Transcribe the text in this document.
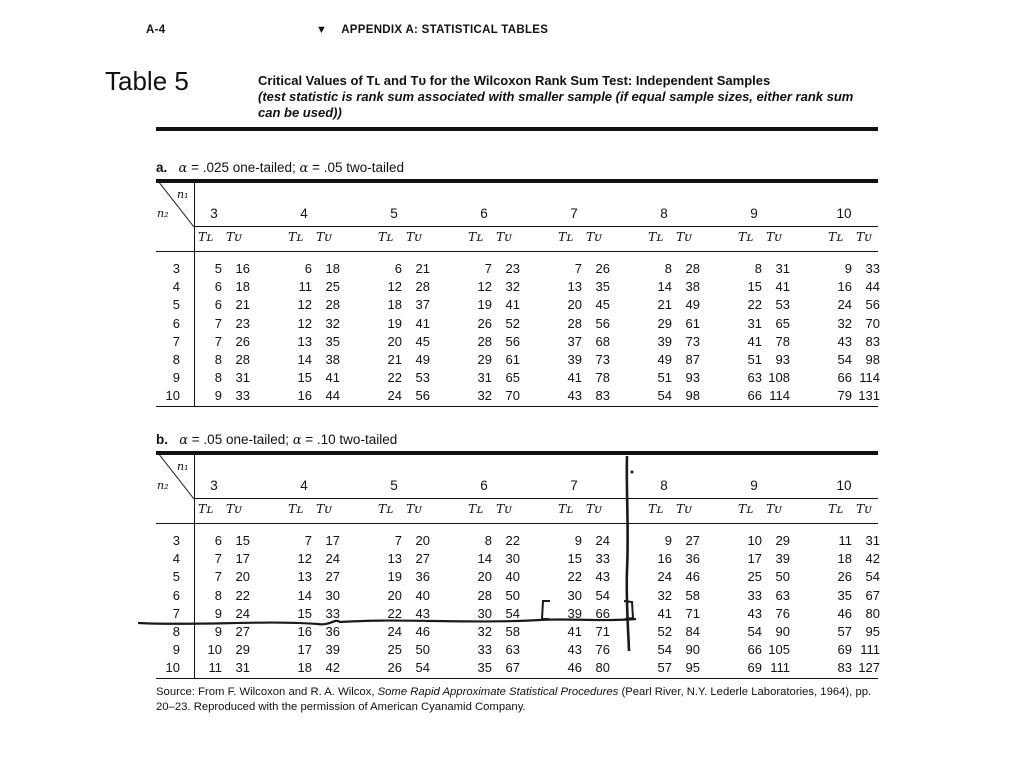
A-4	▼ APPENDIX A: STATISTICAL TABLES
Table 5	Critical Values of Tʟ and Tᴜ for the Wilcoxon Rank Sum Test: Independent Samples
(test statistic is rank sum associated with smaller sample (if equal sample sizes, either rank sum can be used))
a. α = .025 one-tailed; α = .05 two-tailed
n₁
n₂	3
Tʟ Tᴜ
4
Tʟ Tᴜ
5
Tʟ Tᴜ
6
Tʟ Tᴜ
7
Tʟ Tᴜ
8
Tʟ Tᴜ
9
Tʟ Tᴜ
10
Tʟ Tᴜ
3	5	16	6	18	6	21	7	23	7	26	8	28	8	31	9	33
4	6	18	11	25	12	28	12	32	13	35	14	38	15	41	16	44
5	6	21	12	28	18	37	19	41	20	45	21	49	22	53	24	56
6	7	23	12	32	19	41	26	52	28	56	29	61	31	65	32	70
7	7	26	13	35	20	45	28	56	37	68	39	73	41	78	43	83
8	8	28	14	38	21	49	29	61	39	73	49	87	51	93	54	98
9	8	31	15	41	22	53	31	65	41	78	51	93	63 108	66 114
10	9	33	16	44	24	56	32	70	43	83	54	98	66 114	79 131
b. α = .05 one-tailed; α = .10 two-tailed
n₁
n₂	3
Tʟ Tᴜ
4
Tʟ Tᴜ
5
Tʟ Tᴜ
6
Tʟ Tᴜ
7
Tʟ Tᴜ
8
Tʟ Tᴜ
9
Tʟ Tᴜ
10
Tʟ Tᴜ
3	6	15	7	17	7	20	8	22	9	24	9	27	10	29	11	31
4	7	17	12	24	13	27	14	30	15	33	16	36	17	39	18	42
5	7	20	13	27	19	36	20	40	22	43	24	46	25	50	26	54
6	8	22	14	30	20	40	28	50	30	54	32	58	33	63	35	67
7	9	24	15	33	22	43	30	54	39	66	41	71	43	76	46	80
8	9	27	16	36	24	46	32	58	41	71	52	84	54	90	57	95
9	10	29	17	39	25	50	33	63	43	76	54	90	66 105	69 111
10	11	31	18	42	26	54	35	67	46	80	57	95	69 111	83 127
Source: From F. Wilcoxon and R. A. Wilcox, Some Rapid Approximate Statistical Procedures (Pearl River, N.Y. Lederle Laboratories, 1964), pp. 20–23. Reproduced with the permission of American Cyanamid Company.
